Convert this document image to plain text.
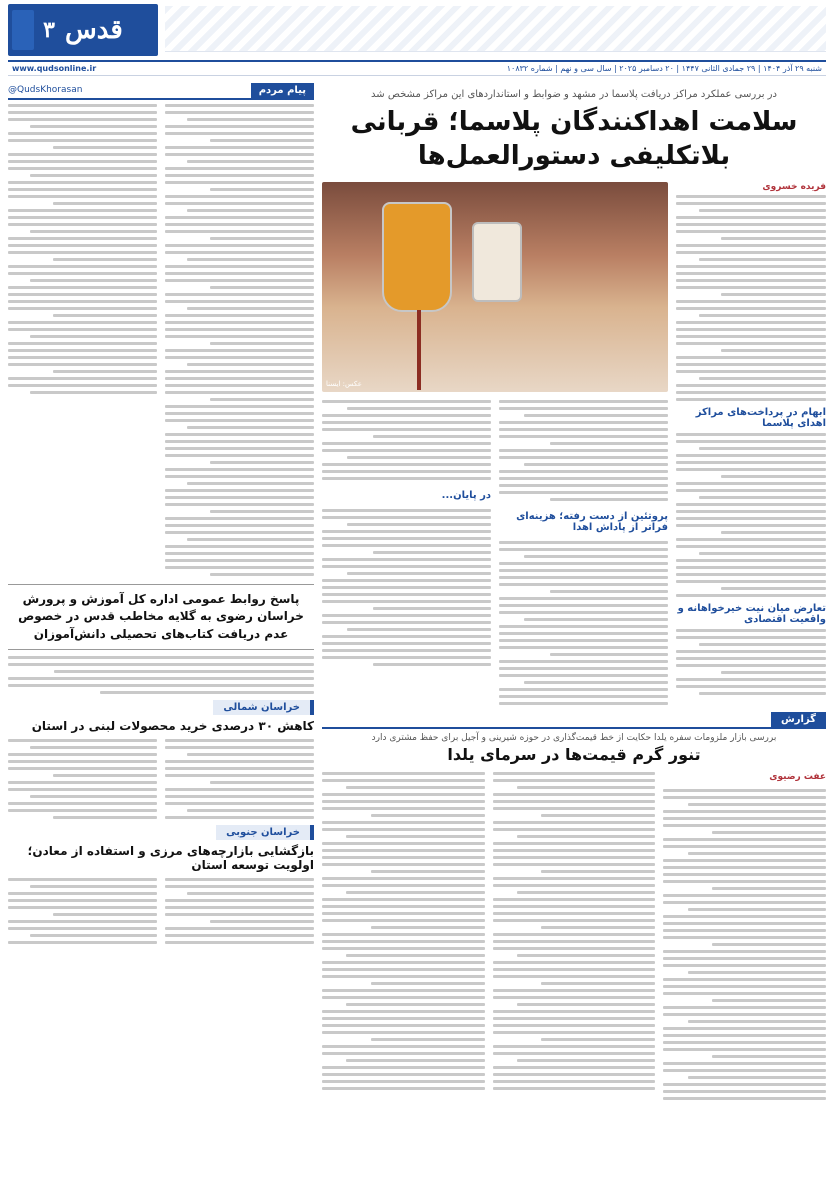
قدس
۳
شنبه ۲۹ آذر ۱۴۰۴ | ۲۹ جمادی الثانی ۱۴۴۷ | ۲۰ دسامبر ۲۰۲۵ | سال سی و نهم | شماره ۱۰۸۳۲
www.qudsonline.ir
پیام مردم
@QudsKhorasan
پاسخ روابط عمومی اداره کل آموزش و پرورش خراسان رضوی به گلایه مخاطب قدس در خصوص عدم دریافت کتاب‌های تحصیلی دانش‌آموزان
خراسان شمالی
کاهش ۳۰ درصدی خرید محصولات لبنی در استان
خراسان جنوبی
بازگشایی بازارچه‌های مرزی و استفاده از معادن؛ اولویت توسعه استان
در بررسی عملکرد مراکز دریافت پلاسما در مشهد و ضوابط و استانداردهای این مراکز مشخص شد
سلامت اهداکنندگان پلاسما؛ قربانی بلاتکلیفی دستورالعمل‌ها
فریده خسروی
ابهام در پرداخت‌های مراکز اهدای پلاسما
تعارض میان نیت خیرخواهانه و واقعیت اقتصادی
عکس: ایسنا
پروتئین از دست رفته؛ هزینه‌ای فراتر از پاداش اهدا
در پایان...
گزارش
بررسی بازار ملزومات سفره یلدا حکایت از خط قیمت‌گذاری در حوزه شیرینی و آجیل برای حفظ مشتری دارد
تنور گرم قیمت‌ها در سرمای یلدا
عفت رضیوی
